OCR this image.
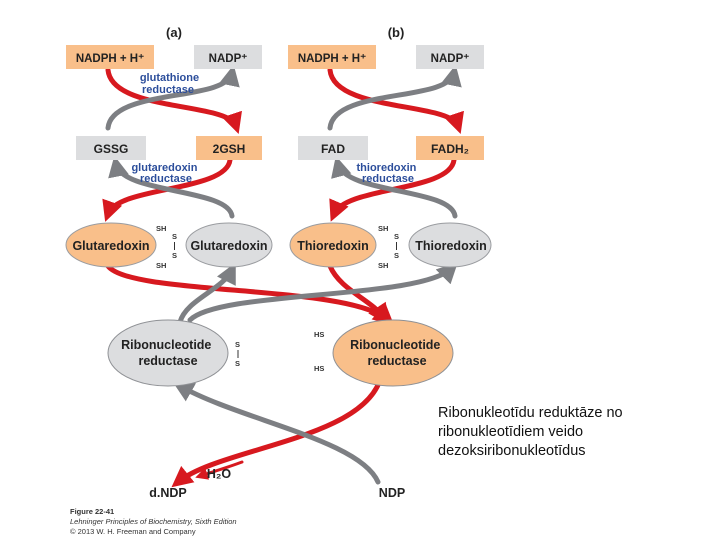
(a)	(b)
NADPH + H⁺	NADP⁺
glutathione reductase
GSSG	2GSH
glutaredoxin reductase
Glutaredoxin	Glutaredoxin
SH
SH
S
S
NADPH + H⁺	NADP⁺
FAD	FADH₂
thioredoxin reductase
Thioredoxin	Thioredoxin
SH
SH
S
S
Ribonucleotide reductase
S
S
Ribonucleotide reductase
HS
HS
d.NDP
H₂O
NDP
Figure 22-41
Lehninger Principles of Biochemistry, Sixth Edition
© 2013 W. H. Freeman and Company
Ribonukleotīdu reduktāze no
ribonukleotīdiem veido
dezoksiribonukleotīdus
